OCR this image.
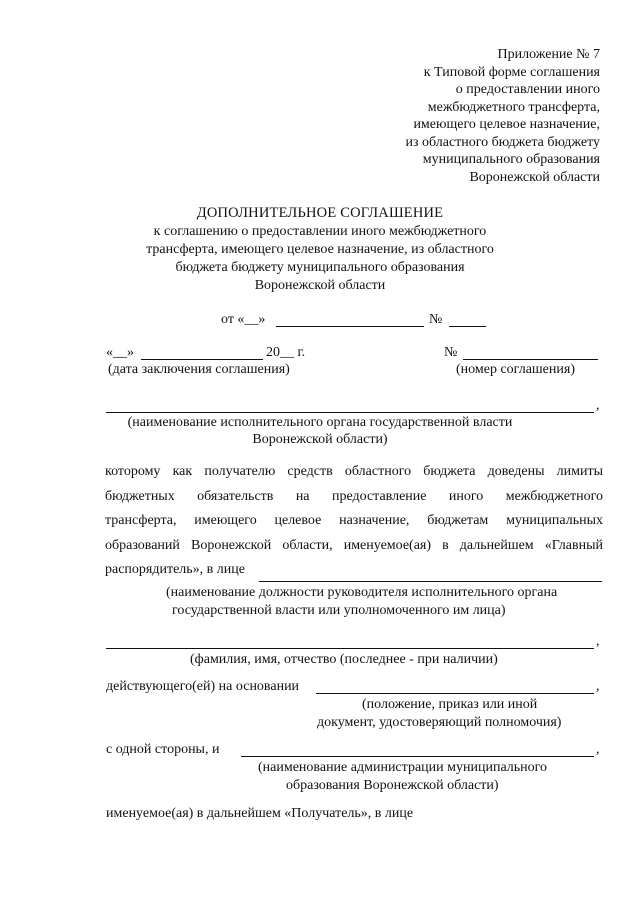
Приложение № 7
к Типовой форме соглашения
о предоставлении иного
межбюджетного трансферта,
имеющего целевое назначение,
из областного бюджета бюджету
муниципального образования
Воронежской области
ДОПОЛНИТЕЛЬНОЕ СОГЛАШЕНИЕ
к соглашению о предоставлении иного межбюджетного
трансферта, имеющего целевое назначение, из областного
бюджета бюджету муниципального образования
Воронежской области
от «__»	№
«__»	20__ г.	№
(дата заключения соглашения)	(номер соглашения)
,
(наименование исполнительного органа государственной власти
Воронежской области)
которому как получателю средств областного бюджета доведены лимиты
бюджетных обязательств на предоставление иного межбюджетного
трансферта, имеющего целевое назначение, бюджетам муниципальных
образований Воронежской области, именуемое(ая) в дальнейшем «Главный
распорядитель», в лице
(наименование должности руководителя исполнительного органа
государственной власти или уполномоченного им лица)
,
(фамилия, имя, отчество (последнее - при наличии)
действующего(ей) на основании	,
(положение, приказ или иной
документ, удостоверяющий полномочия)
с одной стороны, и	,
(наименование администрации муниципального
образования Воронежской области)
именуемое(ая) в дальнейшем «Получатель», в лице
